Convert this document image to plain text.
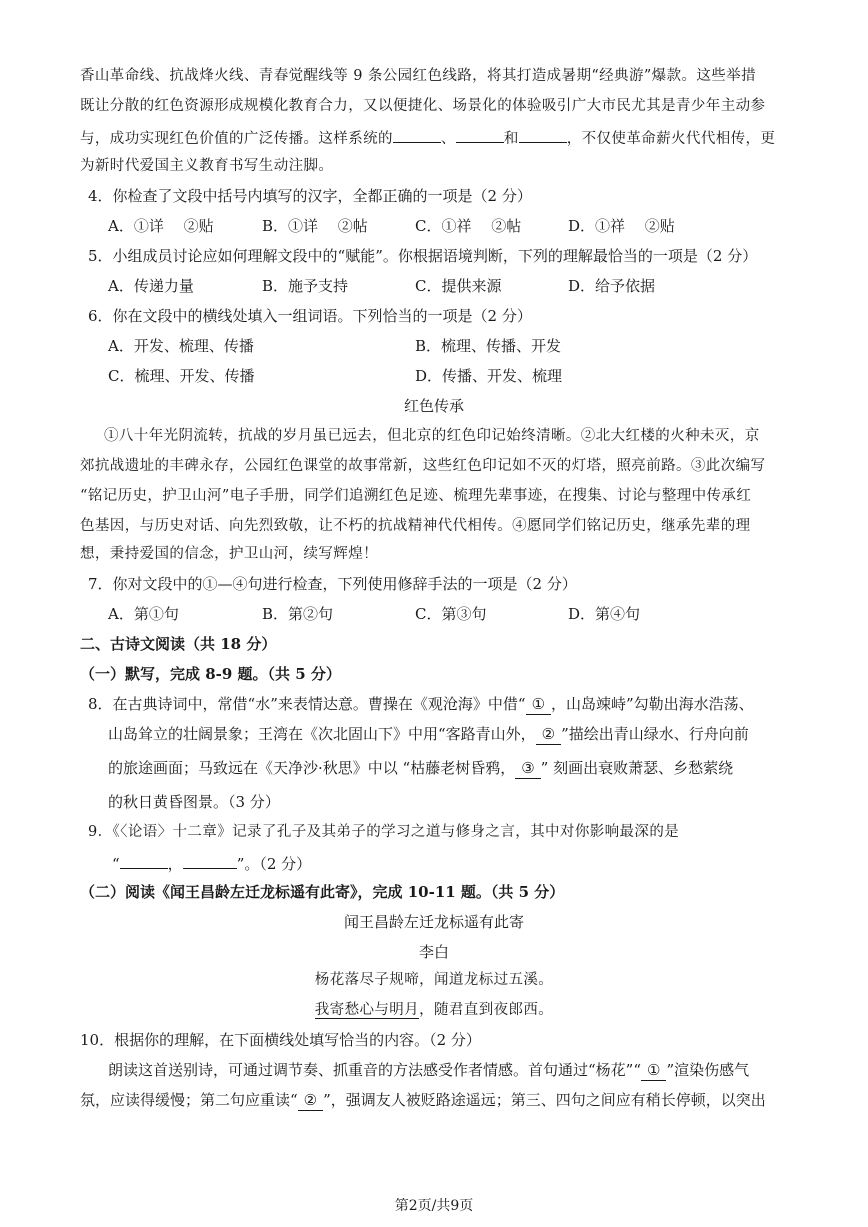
香山革命线、抗战烽火线、青春觉醒线等 9 条公园红色线路，将其打造成暑期“经典游”爆款。这些举措
既让分散的红色资源形成规模化教育合力，又以便捷化、场景化的体验吸引广大市民尤其是青少年主动参
与，成功实现红色价值的广泛传播。这样系统的	、	和	，不仅使革命薪火代代相传，更
为新时代爱国主义教育书写生动注脚。
4．你检查了文段中括号内填写的汉字，全都正确的一项是（2 分）
A．①详　 ②贴	B．①详　 ②帖	C．①祥　 ②帖	D．①祥　 ②贴
5．小组成员讨论应如何理解文段中的“赋能”。你根据语境判断，下列的理解最恰当的一项是（2 分）
A．传递力量	B．施予支持	C．提供来源	D．给予依据
6．你在文段中的横线处填入一组词语。下列恰当的一项是（2 分）
A．开发、梳理、传播	B．梳理、传播、开发
C．梳理、开发、传播	D．传播、开发、梳理
红色传承
①八十年光阴流转，抗战的岁月虽已远去，但北京的红色印记始终清晰。②北大红楼的火种未灭，京
郊抗战遗址的丰碑永存，公园红色课堂的故事常新，这些红色印记如不灭的灯塔，照亮前路。③此次编写
“铭记历史，护卫山河”电子手册，同学们追溯红色足迹、梳理先辈事迹，在搜集、讨论与整理中传承红
色基因，与历史对话、向先烈致敬，让不朽的抗战精神代代相传。④愿同学们铭记历史，继承先辈的理
想，秉持爱国的信念，护卫山河，续写辉煌！
7．你对文段中的①—④句进行检查，下列使用修辞手法的一项是（2 分）
A．第①句	B．第②句	C．第③句	D．第④句
二、古诗文阅读（共 18 分）
（一）默写，完成 8-9 题。（共 5 分）
8．在古典诗词中，常借“水”来表情达意。曹操在《观沧海》中借“ ① ，山岛竦峙”勾勒出海水浩荡、
山岛耸立的壮阔景象；王湾在《次北固山下》中用“客路青山外， ② ”描绘出青山绿水、行舟向前
的旅途画面；马致远在《天净沙·秋思》中以 “枯藤老树昏鸦， ③ ” 刻画出衰败萧瑟、乡愁萦绕
的秋日黄昏图景。（3 分）
9．《〈论语〉十二章》记录了孔子及其弟子的学习之道与修身之言，其中对你影响最深的是
“	，	”。（2 分）
（二）阅读《闻王昌龄左迁龙标遥有此寄》，完成 10-11 题。（共 5 分）
闻王昌龄左迁龙标遥有此寄
李白
杨花落尽子规啼，闻道龙标过五溪。
我寄愁心与明月，随君直到夜郎西。
10．根据你的理解，在下面横线处填写恰当的内容。（2 分）
朗读这首送别诗，可通过调节奏、抓重音的方法感受作者情感。首句通过“杨花”“ ① ”渲染伤感气
氛，应读得缓慢；第二句应重读“ ② ”，强调友人被贬路途遥远；第三、四句之间应有稍长停顿，以突出
第2页/共9页
